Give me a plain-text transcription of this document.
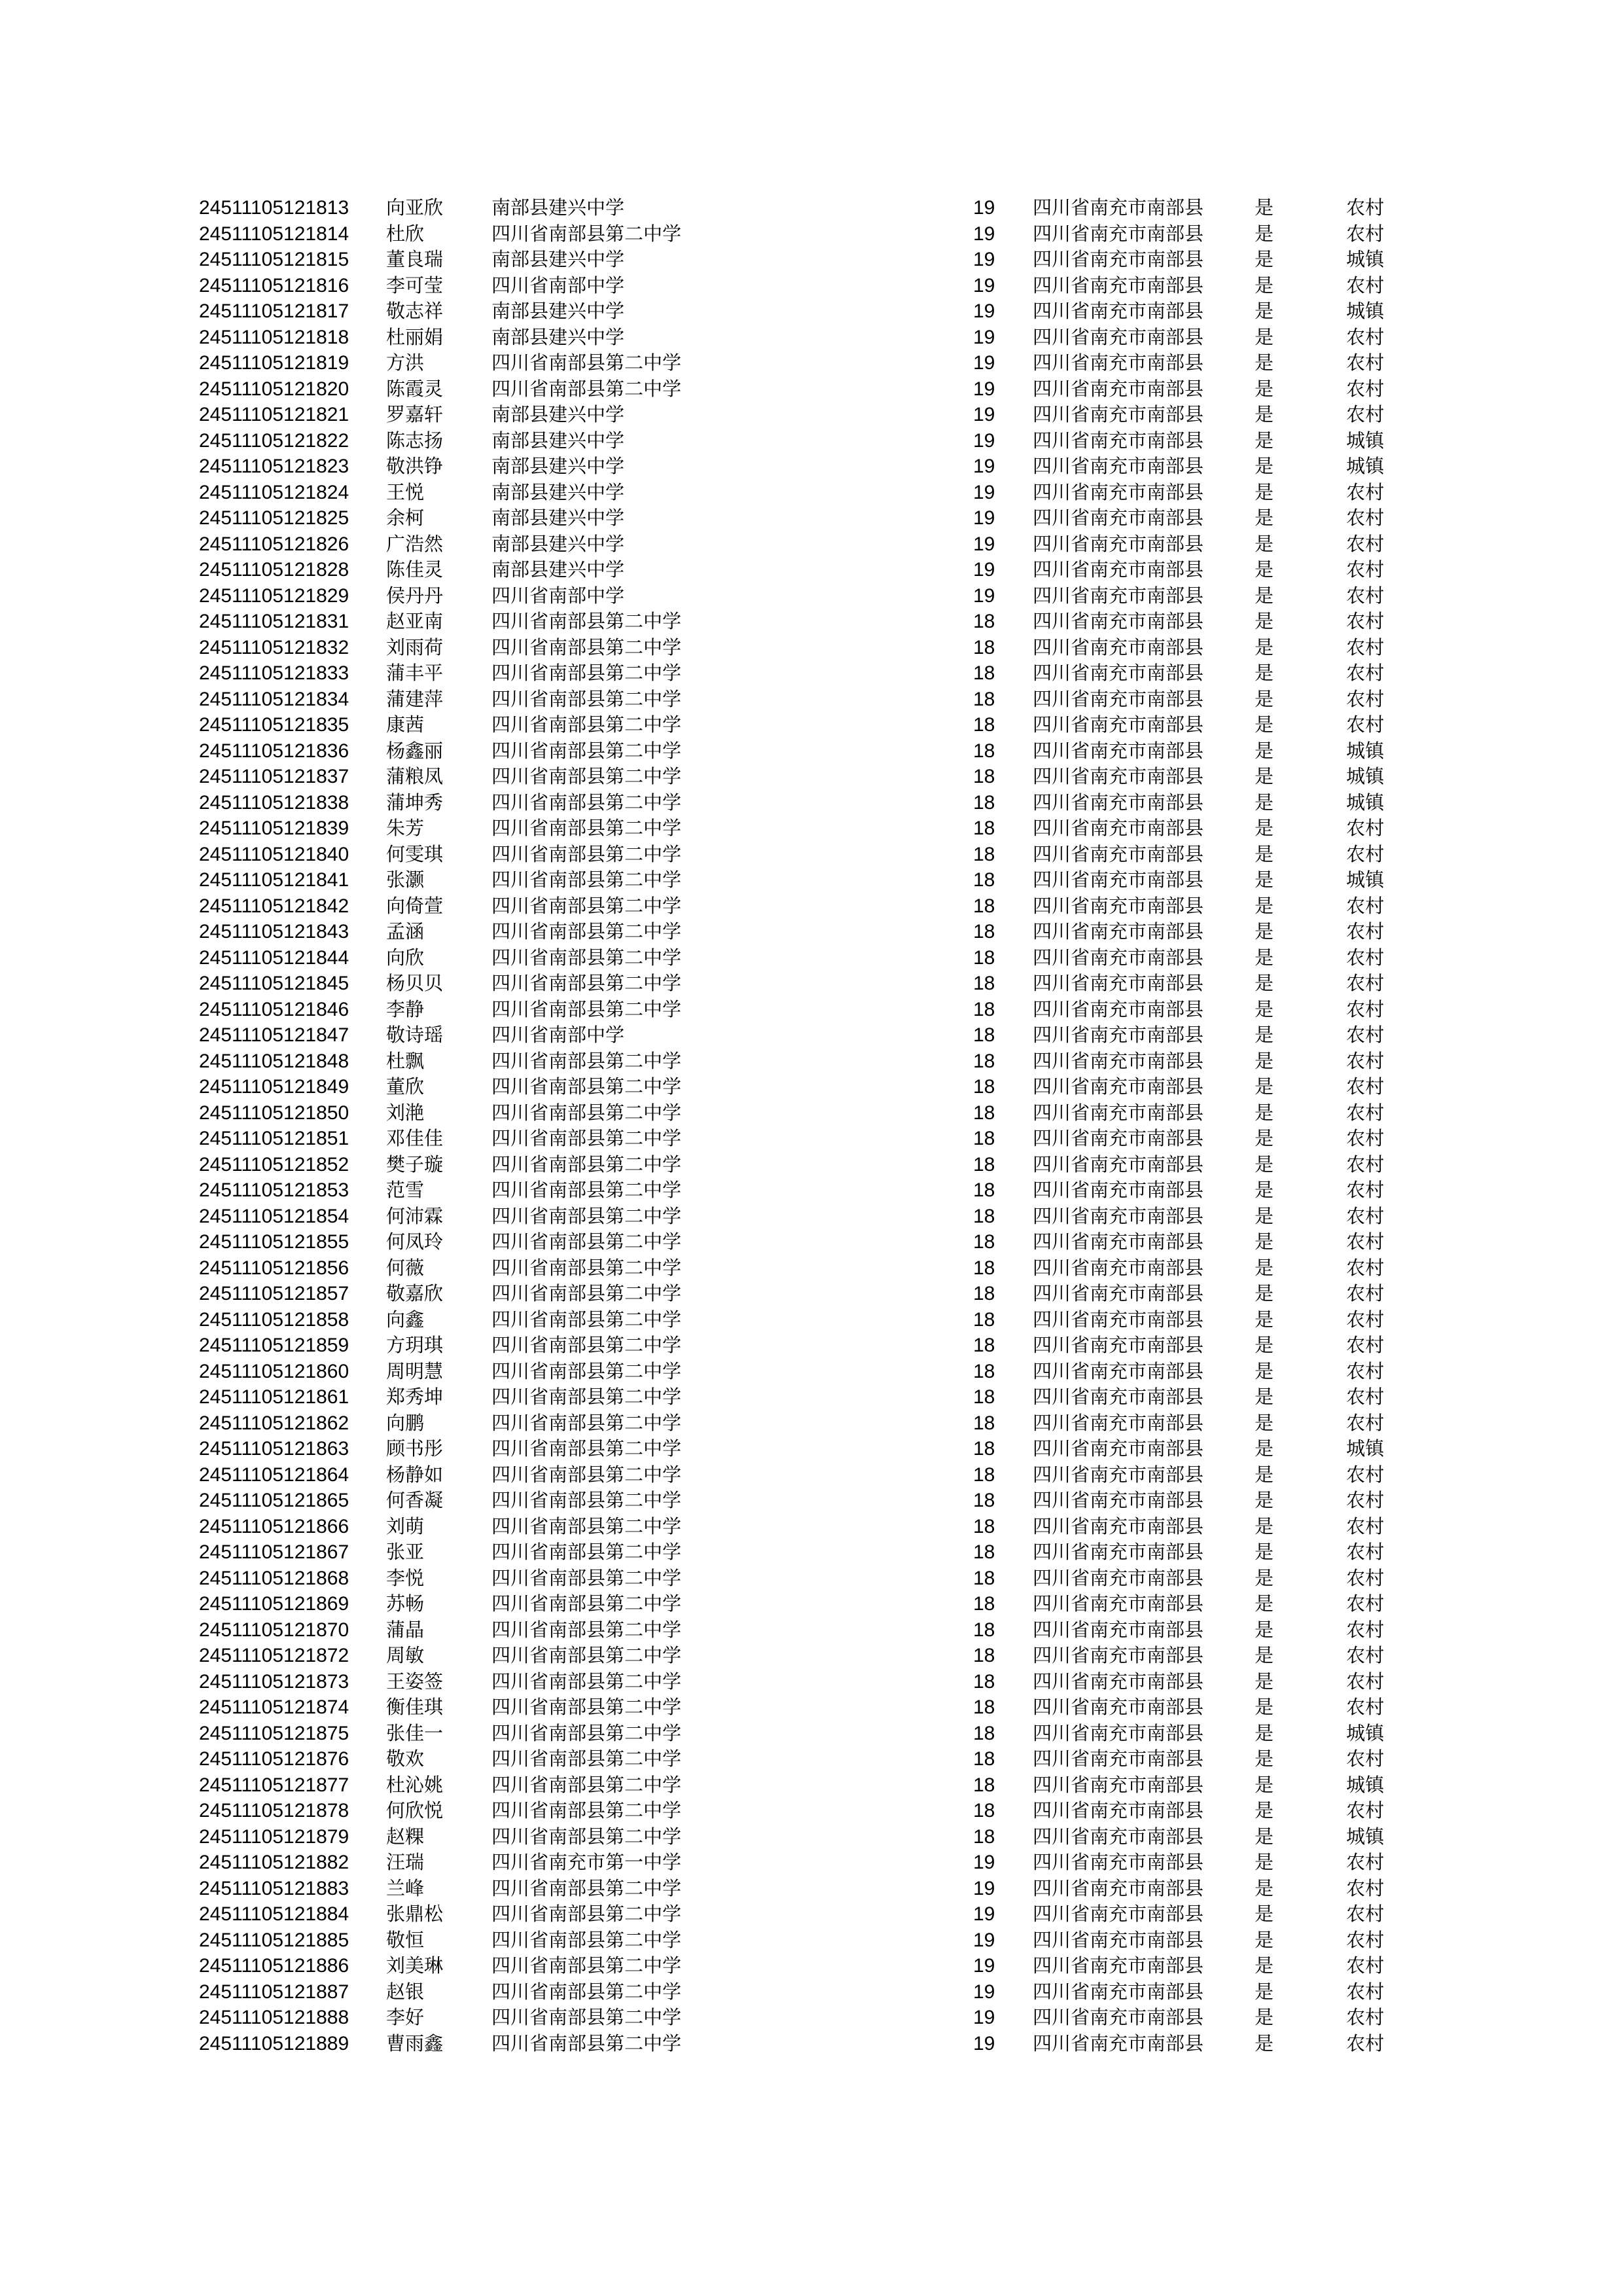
24511105121813 向亚欣	南部县建兴中学	19 四川省南充市南部县	是	农村
24511105121814 杜欣	四川省南部县第二中学	19 四川省南充市南部县	是	农村
24511105121815 董良瑞	南部县建兴中学	19 四川省南充市南部县	是	城镇
24511105121816 李可莹	四川省南部中学	19 四川省南充市南部县	是	农村
24511105121817 敬志祥	南部县建兴中学	19 四川省南充市南部县	是	城镇
24511105121818 杜丽娟	南部县建兴中学	19 四川省南充市南部县	是	农村
24511105121819 方洪	四川省南部县第二中学	19 四川省南充市南部县	是	农村
24511105121820 陈霞灵	四川省南部县第二中学	19 四川省南充市南部县	是	农村
24511105121821 罗嘉轩	南部县建兴中学	19 四川省南充市南部县	是	农村
24511105121822 陈志扬	南部县建兴中学	19 四川省南充市南部县	是	城镇
24511105121823 敬洪铮	南部县建兴中学	19 四川省南充市南部县	是	城镇
24511105121824 王悦	南部县建兴中学	19 四川省南充市南部县	是	农村
24511105121825 余柯	南部县建兴中学	19 四川省南充市南部县	是	农村
24511105121826 广浩然	南部县建兴中学	19 四川省南充市南部县	是	农村
24511105121828 陈佳灵	南部县建兴中学	19 四川省南充市南部县	是	农村
24511105121829 侯丹丹	四川省南部中学	19 四川省南充市南部县	是	农村
24511105121831 赵亚南	四川省南部县第二中学	18 四川省南充市南部县	是	农村
24511105121832 刘雨荷	四川省南部县第二中学	18 四川省南充市南部县	是	农村
24511105121833 蒲丰平	四川省南部县第二中学	18 四川省南充市南部县	是	农村
24511105121834 蒲建萍	四川省南部县第二中学	18 四川省南充市南部县	是	农村
24511105121835 康茜	四川省南部县第二中学	18 四川省南充市南部县	是	农村
24511105121836 杨鑫丽	四川省南部县第二中学	18 四川省南充市南部县	是	城镇
24511105121837 蒲粮凤	四川省南部县第二中学	18 四川省南充市南部县	是	城镇
24511105121838 蒲坤秀	四川省南部县第二中学	18 四川省南充市南部县	是	城镇
24511105121839 朱芳	四川省南部县第二中学	18 四川省南充市南部县	是	农村
24511105121840 何雯琪	四川省南部县第二中学	18 四川省南充市南部县	是	农村
24511105121841 张灏	四川省南部县第二中学	18 四川省南充市南部县	是	城镇
24511105121842 向倚萱	四川省南部县第二中学	18 四川省南充市南部县	是	农村
24511105121843 孟涵	四川省南部县第二中学	18 四川省南充市南部县	是	农村
24511105121844 向欣	四川省南部县第二中学	18 四川省南充市南部县	是	农村
24511105121845 杨贝贝	四川省南部县第二中学	18 四川省南充市南部县	是	农村
24511105121846 李静	四川省南部县第二中学	18 四川省南充市南部县	是	农村
24511105121847 敬诗瑶	四川省南部中学	18 四川省南充市南部县	是	农村
24511105121848 杜飘	四川省南部县第二中学	18 四川省南充市南部县	是	农村
24511105121849 董欣	四川省南部县第二中学	18 四川省南充市南部县	是	农村
24511105121850 刘滟	四川省南部县第二中学	18 四川省南充市南部县	是	农村
24511105121851 邓佳佳	四川省南部县第二中学	18 四川省南充市南部县	是	农村
24511105121852 樊子璇	四川省南部县第二中学	18 四川省南充市南部县	是	农村
24511105121853 范雪	四川省南部县第二中学	18 四川省南充市南部县	是	农村
24511105121854 何沛霖	四川省南部县第二中学	18 四川省南充市南部县	是	农村
24511105121855 何凤玲	四川省南部县第二中学	18 四川省南充市南部县	是	农村
24511105121856 何薇	四川省南部县第二中学	18 四川省南充市南部县	是	农村
24511105121857 敬嘉欣	四川省南部县第二中学	18 四川省南充市南部县	是	农村
24511105121858 向鑫	四川省南部县第二中学	18 四川省南充市南部县	是	农村
24511105121859 方玥琪	四川省南部县第二中学	18 四川省南充市南部县	是	农村
24511105121860 周明慧	四川省南部县第二中学	18 四川省南充市南部县	是	农村
24511105121861 郑秀坤	四川省南部县第二中学	18 四川省南充市南部县	是	农村
24511105121862 向鹏	四川省南部县第二中学	18 四川省南充市南部县	是	农村
24511105121863 顾书彤	四川省南部县第二中学	18 四川省南充市南部县	是	城镇
24511105121864 杨静如	四川省南部县第二中学	18 四川省南充市南部县	是	农村
24511105121865 何香凝	四川省南部县第二中学	18 四川省南充市南部县	是	农村
24511105121866 刘萌	四川省南部县第二中学	18 四川省南充市南部县	是	农村
24511105121867 张亚	四川省南部县第二中学	18 四川省南充市南部县	是	农村
24511105121868 李悦	四川省南部县第二中学	18 四川省南充市南部县	是	农村
24511105121869 苏畅	四川省南部县第二中学	18 四川省南充市南部县	是	农村
24511105121870 蒲晶	四川省南部县第二中学	18 四川省南充市南部县	是	农村
24511105121872 周敏	四川省南部县第二中学	18 四川省南充市南部县	是	农村
24511105121873 王姿签	四川省南部县第二中学	18 四川省南充市南部县	是	农村
24511105121874 衡佳琪	四川省南部县第二中学	18 四川省南充市南部县	是	农村
24511105121875 张佳一	四川省南部县第二中学	18 四川省南充市南部县	是	城镇
24511105121876 敬欢	四川省南部县第二中学	18 四川省南充市南部县	是	农村
24511105121877 杜沁姚	四川省南部县第二中学	18 四川省南充市南部县	是	城镇
24511105121878 何欣悦	四川省南部县第二中学	18 四川省南充市南部县	是	农村
24511105121879 赵粿	四川省南部县第二中学	18 四川省南充市南部县	是	城镇
24511105121882 汪瑞	四川省南充市第一中学	19 四川省南充市南部县	是	农村
24511105121883 兰峰	四川省南部县第二中学	19 四川省南充市南部县	是	农村
24511105121884 张鼎松	四川省南部县第二中学	19 四川省南充市南部县	是	农村
24511105121885 敬恒	四川省南部县第二中学	19 四川省南充市南部县	是	农村
24511105121886 刘美琳	四川省南部县第二中学	19 四川省南充市南部县	是	农村
24511105121887 赵银	四川省南部县第二中学	19 四川省南充市南部县	是	农村
24511105121888 李好	四川省南部县第二中学	19 四川省南充市南部县	是	农村
24511105121889 曹雨鑫	四川省南部县第二中学	19 四川省南充市南部县	是	农村
